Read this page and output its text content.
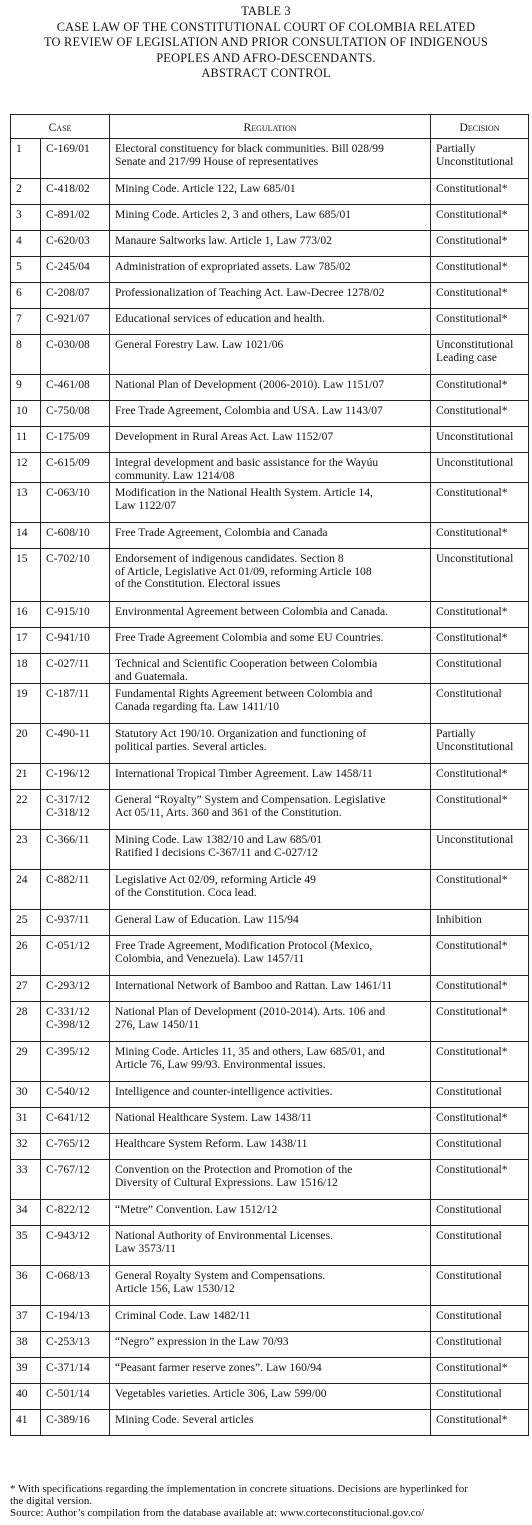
TABLE 3
CASE LAW OF THE CONSTITUTIONAL COURT OF COLOMBIA RELATED
TO REVIEW OF LEGISLATION AND PRIOR CONSULTATION OF INDIGENOUS
PEOPLES AND AFRO-DESCENDANTS.
ABSTRACT CONTROL
Case		Regulation	Decision
1	C-169/01	Electoral constituency for black communities. Bill 028/99
Senate and 217/99 House of representatives	Partially
Unconstitutional
2	C-418/02	Mining Code. Article 122, Law 685/01	Constitutional*
3	C-891/02	Mining Code. Articles 2, 3 and others, Law 685/01	Constitutional*
4	C-620/03	Manaure Saltworks law. Article 1, Law 773/02	Constitutional*
5	C-245/04	Administration of expropriated assets. Law 785/02	Constitutional*
6	C-208/07	Professionalization of Teaching Act. Law-Decree 1278/02	Constitutional*
7	C-921/07	Educational services of education and health.	Constitutional*
8	C-030/08	General Forestry Law. Law 1021/06	Unconstitutional
Leading case
9	C-461/08	National Plan of Development (2006-2010). Law 1151/07	Constitutional*
10	C-750/08	Free Trade Agreement, Colombia and USA. Law 1143/07	Constitutional*
11	C-175/09	Development in Rural Areas Act. Law 1152/07	Unconstitutional
12	C-615/09	Integral development and basic assistance for the Wayúu
community. Law 1214/08	Unconstitutional
13	C-063/10	Modification in the National Health System. Article 14,
Law 1122/07	Constitutional*
14	C-608/10	Free Trade Agreement, Colombia and Canada	Constitutional*
15	C-702/10	Endorsement of indigenous candidates. Section 8
of Article, Legislative Act 01/09, reforming Article 108
of the Constitution. Electoral issues	Unconstitutional
16	C-915/10	Environmental Agreement between Colombia and Canada.	Constitutional*
17	C-941/10	Free Trade Agreement Colombia and some EU Countries.	Constitutional*
18	C-027/11	Technical and Scientific Cooperation between Colombia
and Guatemala.	Constitutional
19	C-187/11	Fundamental Rights Agreement between Colombia and
Canada regarding fta. Law 1411/10	Constitutional
20	C-490-11	Statutory Act 190/10. Organization and functioning of
political parties. Several articles.	Partially
Unconstitutional
21	C-196/12	International Tropical Timber Agreement. Law 1458/11	Constitutional*
22	C-317/12
C-318/12	General “Royalty” System and Compensation. Legislative
Act 05/11, Arts. 360 and 361 of the Constitution.	Constitutional*
23	C-366/11	Mining Code. Law 1382/10 and Law 685/01
Ratified I decisions C-367/11 and C-027/12	Unconstitutional
24	C-882/11	Legislative Act 02/09, reforming Article 49
of the Constitution. Coca lead.	Constitutional*
25	C-937/11	General Law of Education. Law 115/94	Inhibition
26	C-051/12	Free Trade Agreement, Modification Protocol (Mexico,
Colombia, and Venezuela). Law 1457/11	Constitutional*
27	C-293/12	International Network of Bamboo and Rattan. Law 1461/11	Constitutional*
28	C-331/12
C-398/12	National Plan of Development (2010-2014). Arts. 106 and
276, Law 1450/11	Constitutional*
29	C-395/12	Mining Code. Articles 11, 35 and others, Law 685/01, and
Article 76, Law 99/93. Environmental issues.	Constitutional*
30	C-540/12	Intelligence and counter-intelligence activities.	Constitutional
31	C-641/12	National Healthcare System. Law 1438/11	Constitutional*
32	C-765/12	Healthcare System Reform. Law 1438/11	Constitutional
33	C-767/12	Convention on the Protection and Promotion of the
Diversity of Cultural Expressions. Law 1516/12	Constitutional*
34	C-822/12	“Metre” Convention. Law 1512/12	Constitutional
35	C-943/12	National Authority of Environmental Licenses.
Law 3573/11	Constitutional
36	C-068/13	General Royalty System and Compensations.
Article 156, Law 1530/12	Constitutional
37	C-194/13	Criminal Code. Law 1482/11	Constitutional
38	C-253/13	“Negro” expression in the Law 70/93	Constitutional
39	C-371/14	“Peasant farmer reserve zones”. Law 160/94	Constitutional*
40	C-501/14	Vegetables varieties. Article 306, Law 599/00	Constitutional
41	C-389/16	Mining Code. Several articles	Constitutional*
* With specifications regarding the implementation in concrete situations. Decisions are hyperlinked for
the digital version.
Source: Author’s compilation from the database available at: www.corteconstitucional.gov.co/
